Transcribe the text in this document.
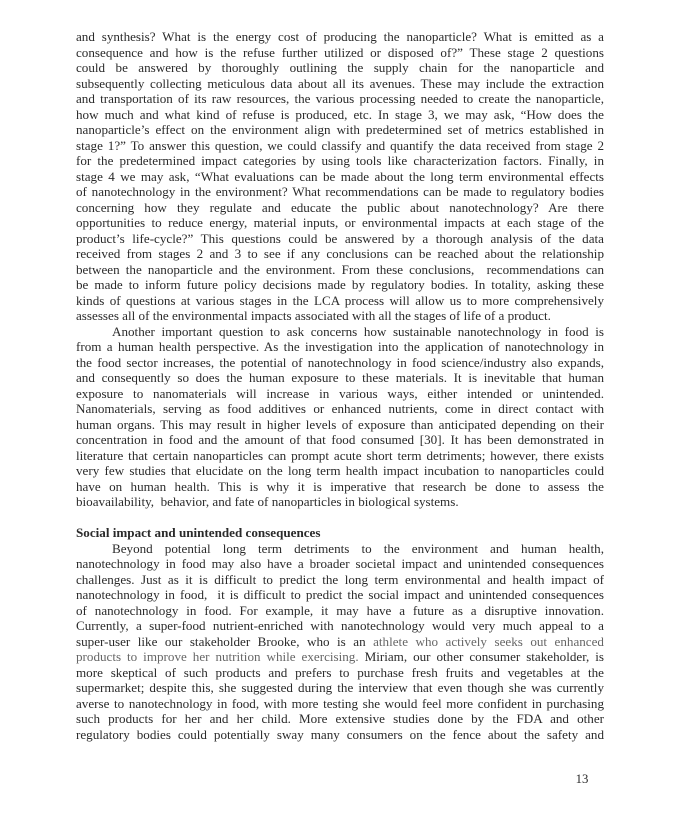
and synthesis? What is the energy cost of producing the nanoparticle? What is emitted as a
consequence and how is the refuse further utilized or disposed of?” These stage 2 questions
could be answered by thoroughly outlining the supply chain for the nanoparticle and
subsequently collecting meticulous data about all its avenues. These may include the extraction
and transportation of its raw resources, the various processing needed to create the nanoparticle,
how much and what kind of refuse is produced, etc. In stage 3, we may ask, “How does the
nanoparticle’s effect on the environment align with predetermined set of metrics established in
stage 1?” To answer this question, we could classify and quantify the data received from stage 2
for the predetermined impact categories by using tools like characterization factors. Finally, in
stage 4 we may ask, “What evaluations can be made about the long term environmental effects
of nanotechnology in the environment? What recommendations can be made to regulatory bodies
concerning how they regulate and educate the public about nanotechnology? Are there
opportunities to reduce energy, material inputs, or environmental impacts at each stage of the
product’s life-cycle?” This questions could be answered by a thorough analysis of the data
received from stages 2 and 3 to see if any conclusions can be reached about the relationship
between the nanoparticle and the environment. From these conclusions,  recommendations can
be made to inform future policy decisions made by regulatory bodies. In totality, asking these
kinds of questions at various stages in the LCA process will allow us to more comprehensively
assesses all of the environmental impacts associated with all the stages of life of a product.
Another important question to ask concerns how sustainable nanotechnology in food is
from a human health perspective. As the investigation into the application of nanotechnology in
the food sector increases, the potential of nanotechnology in food science/industry also expands,
and consequently so does the human exposure to these materials. It is inevitable that human
exposure to nanomaterials will increase in various ways, either intended or unintended.
Nanomaterials, serving as food additives or enhanced nutrients, come in direct contact with
human organs. This may result in higher levels of exposure than anticipated depending on their
concentration in food and the amount of that food consumed [30]. It has been demonstrated in
literature that certain nanoparticles can prompt acute short term detriments; however, there exists
very few studies that elucidate on the long term health impact incubation to nanoparticles could
have on human health. This is why it is imperative that research be done to assess the
bioavailability,  behavior, and fate of nanoparticles in biological systems.
Social impact and unintended consequences
Beyond potential long term detriments to the environment and human health,
nanotechnology in food may also have a broader societal impact and unintended consequences
challenges. Just as it is difficult to predict the long term environmental and health impact of
nanotechnology in food,  it is difficult to predict the social impact and unintended consequences
of nanotechnology in food. For example, it may have a future as a disruptive innovation.
Currently, a super-food nutrient-enriched with nanotechnology would very much appeal to a
super-user like our stakeholder Brooke, who is an athlete who actively seeks out enhanced
products to improve her nutrition while exercising. Miriam, our other consumer stakeholder, is
more skeptical of such products and prefers to purchase fresh fruits and vegetables at the
supermarket; despite this, she suggested during the interview that even though she was currently
averse to nanotechnology in food, with more testing she would feel more confident in purchasing
such products for her and her child. More extensive studies done by the FDA and other
regulatory bodies could potentially sway many consumers on the fence about the safety and
13
